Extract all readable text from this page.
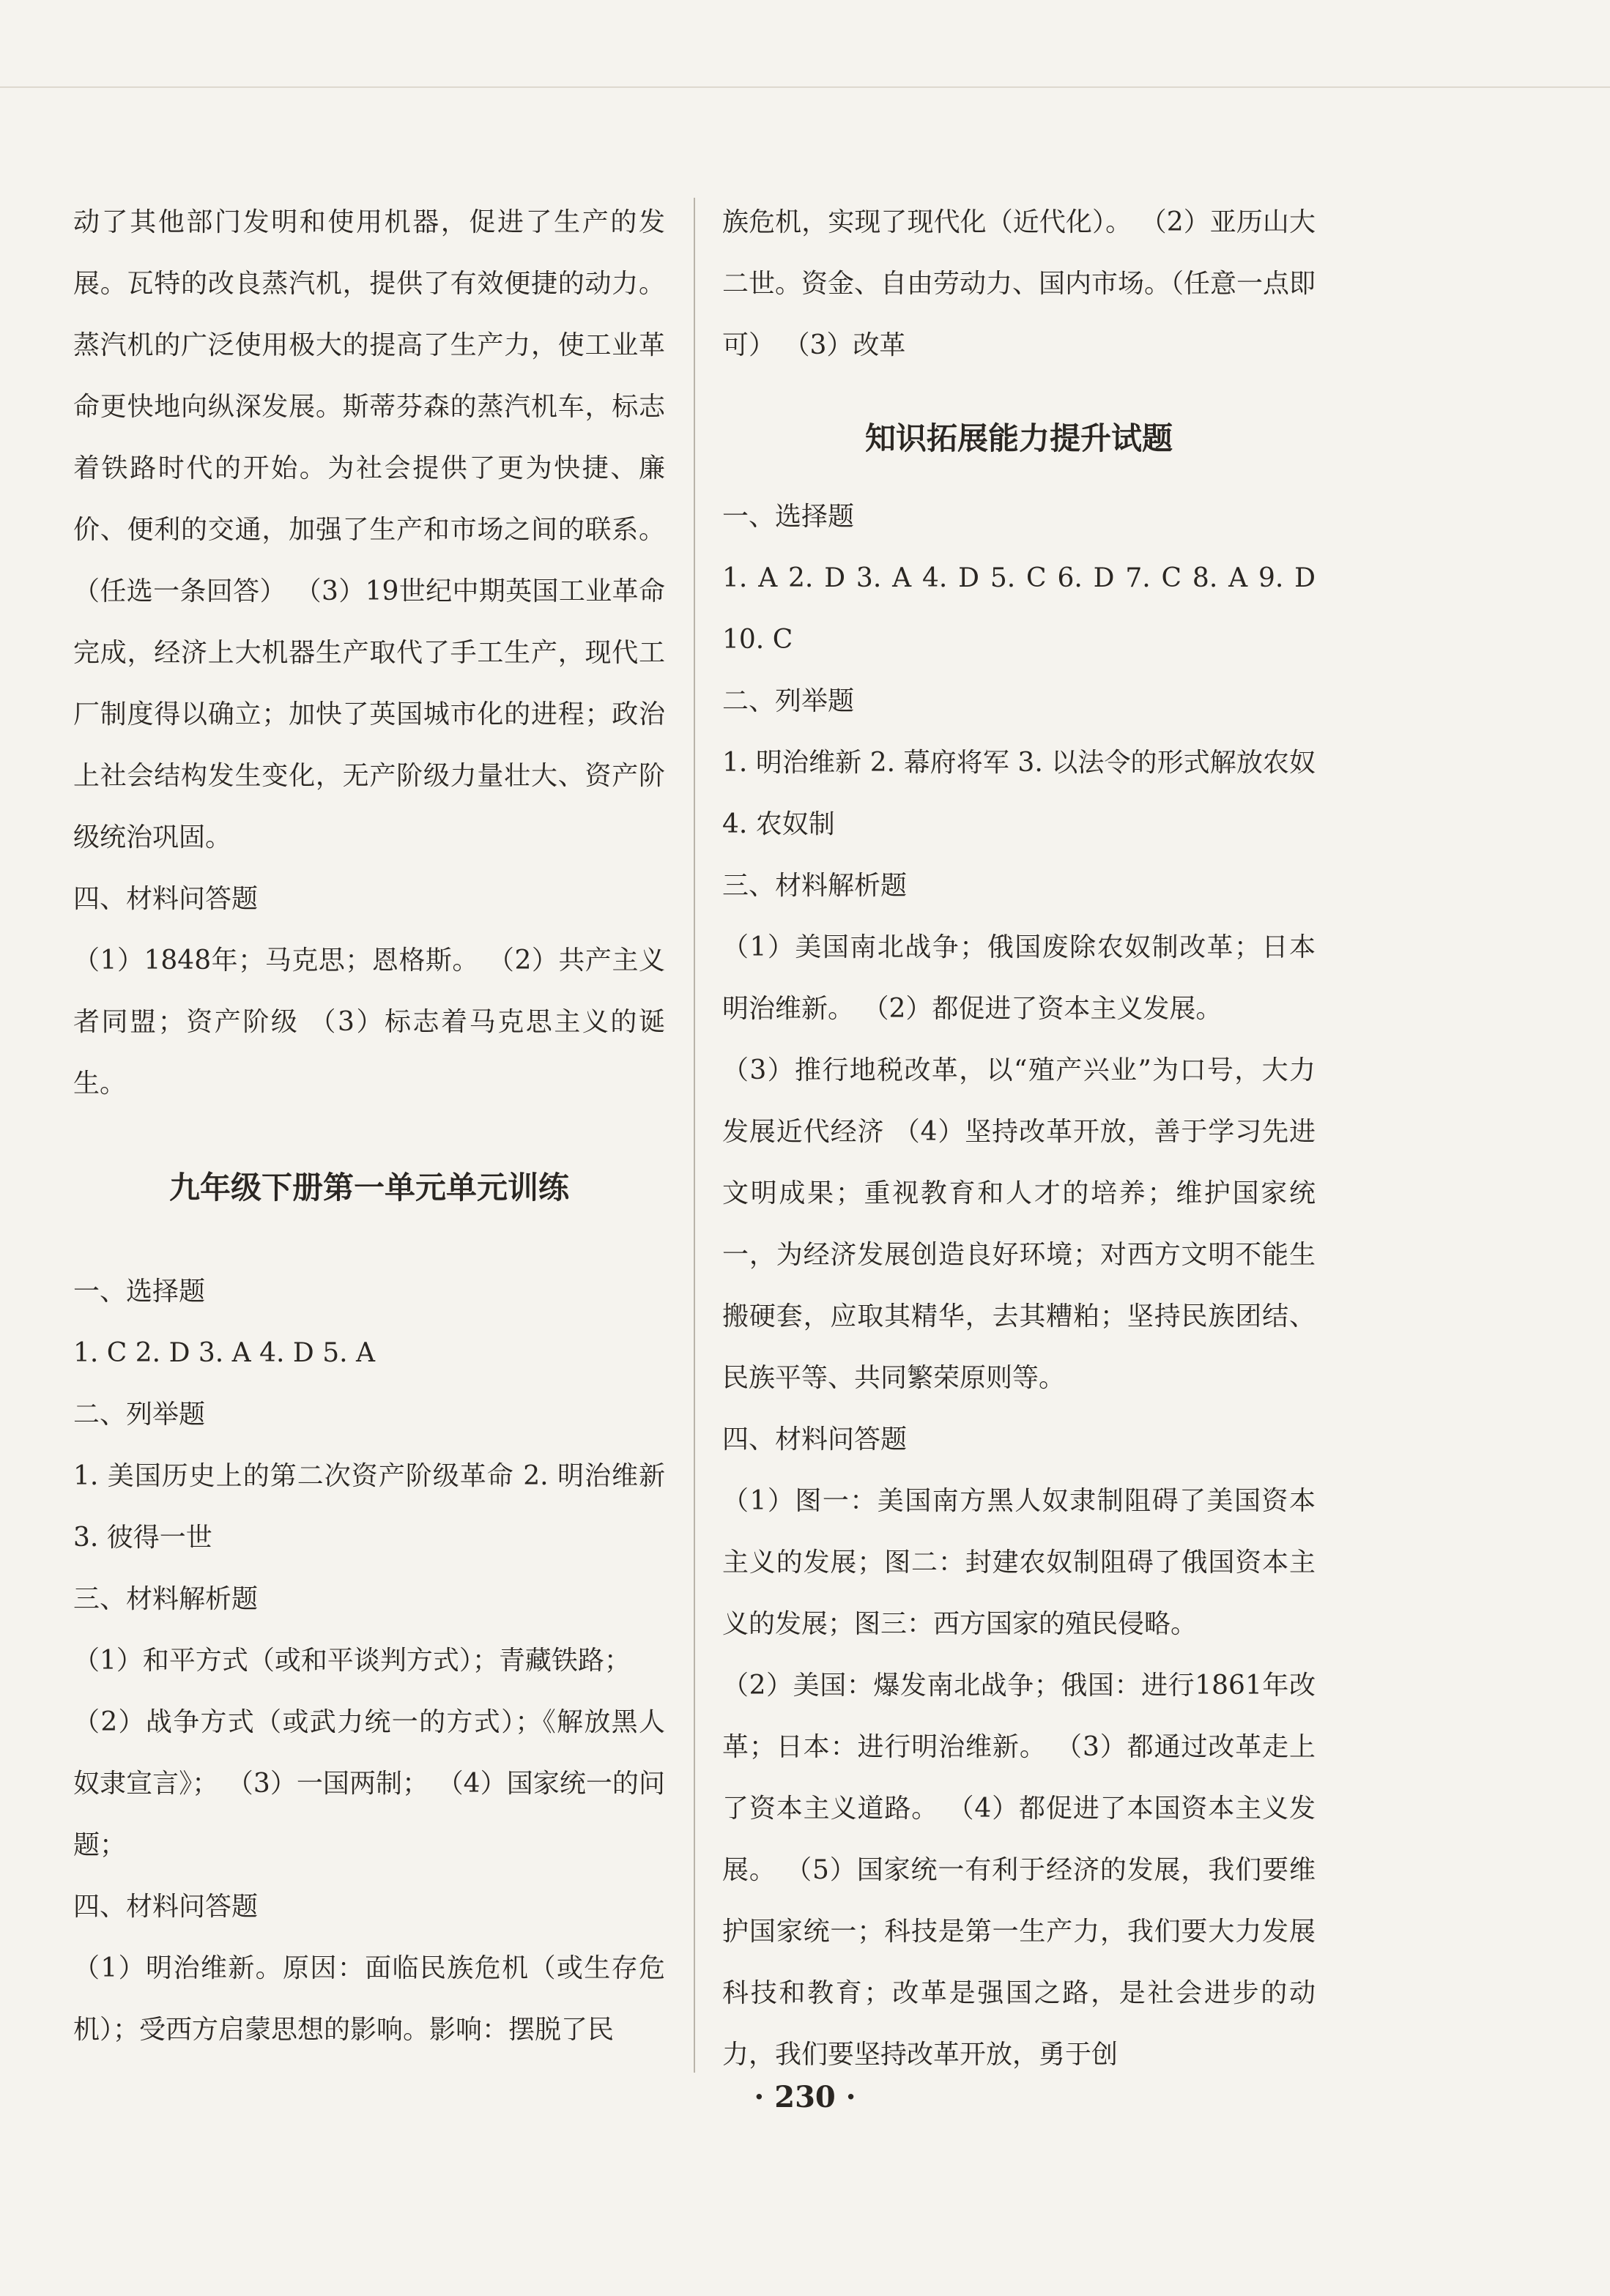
动了其他部门发明和使用机器，促进了生产的发展。瓦特的改良蒸汽机，提供了有效便捷的动力。蒸汽机的广泛使用极大的提高了生产力，使工业革命更快地向纵深发展。斯蒂芬森的蒸汽机车，标志着铁路时代的开始。为社会提供了更为快捷、廉价、便利的交通，加强了生产和市场之间的联系。（任选一条回答） （3）19世纪中期英国工业革命完成，经济上大机器生产取代了手工生产，现代工厂制度得以确立；加快了英国城市化的进程；政治上社会结构发生变化，无产阶级力量壮大、资产阶级统治巩固。

四、材料问答题

（1）1848年；马克思；恩格斯。 （2）共产主义者同盟；资产阶级 （3）标志着马克思主义的诞生。

九年级下册第一单元单元训练

一、选择题

1. C 2. D 3. A 4. D 5. A

二、列举题

1. 美国历史上的第二次资产阶级革命 2. 明治维新 3. 彼得一世

三、材料解析题

（1）和平方式（或和平谈判方式）；青藏铁路；

（2）战争方式（或武力统一的方式）；《解放黑人奴隶宣言》； （3）一国两制； （4）国家统一的问题；

四、材料问答题

（1）明治维新。原因：面临民族危机（或生存危机）；受西方启蒙思想的影响。影响：摆脱了民

族危机，实现了现代化（近代化）。 （2）亚历山大二世。资金、自由劳动力、国内市场。（任意一点即可） （3）改革

知识拓展能力提升试题

一、选择题

1. A 2. D 3. A 4. D 5. C 6. D 7. C 8. A 9. D 10. C

二、列举题

1. 明治维新 2. 幕府将军 3. 以法令的形式解放农奴 4. 农奴制

三、材料解析题

（1）美国南北战争；俄国废除农奴制改革；日本明治维新。 （2）都促进了资本主义发展。

（3）推行地税改革，以“殖产兴业”为口号，大力发展近代经济 （4）坚持改革开放，善于学习先进文明成果；重视教育和人才的培养；维护国家统一，为经济发展创造良好环境；对西方文明不能生搬硬套，应取其精华，去其糟粕；坚持民族团结、民族平等、共同繁荣原则等。

四、材料问答题

（1）图一：美国南方黑人奴隶制阻碍了美国资本主义的发展；图二：封建农奴制阻碍了俄国资本主义的发展；图三：西方国家的殖民侵略。

（2）美国：爆发南北战争；俄国：进行1861年改革；日本：进行明治维新。 （3）都通过改革走上了资本主义道路。 （4）都促进了本国资本主义发展。 （5）国家统一有利于经济的发展，我们要维护国家统一；科技是第一生产力，我们要大力发展科技和教育；改革是强国之路，是社会进步的动力，我们要坚持改革开放，勇于创

· 230 ·
